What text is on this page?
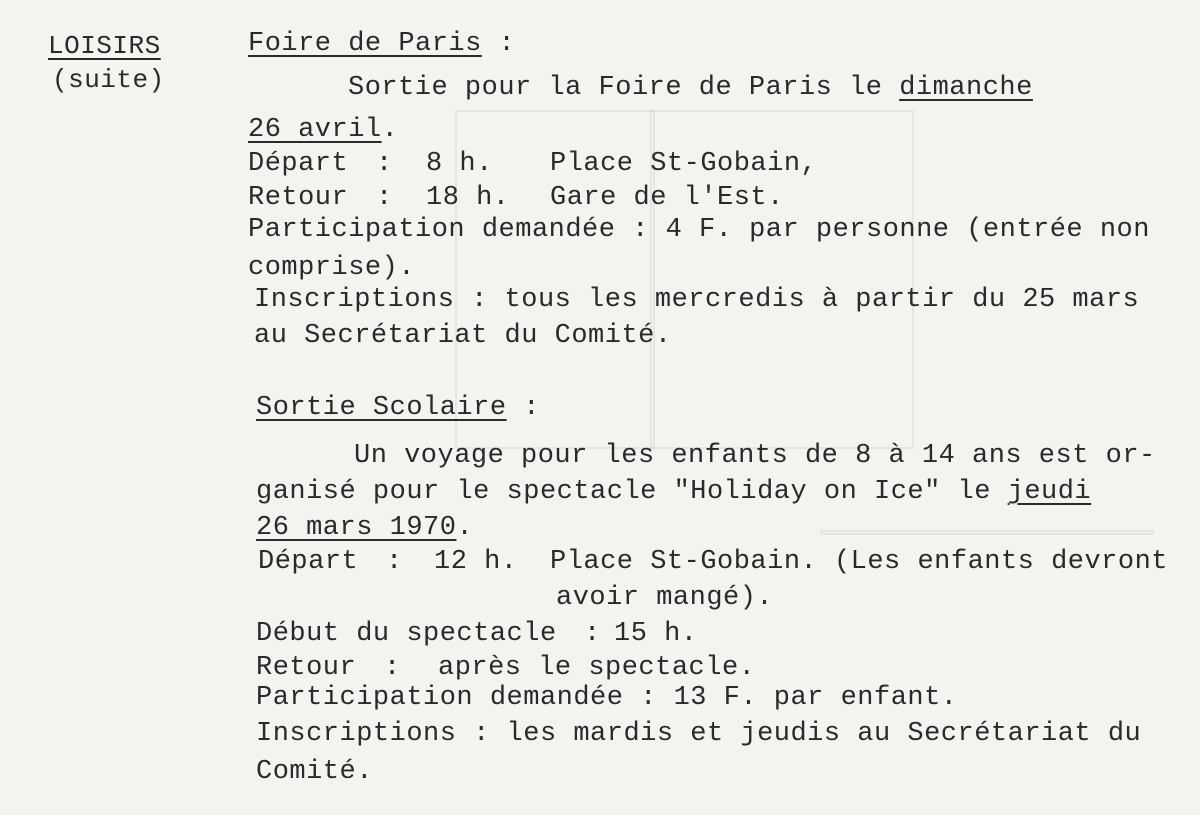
LOISIRS
(suite)
Foire de Paris :
Sortie pour la Foire de Paris le dimanche
26 avril.
Départ : 8 h. Place St-Gobain,
Retour : 18 h. Gare de l'Est.
Participation demandée : 4 F. par personne (entrée non
comprise).
Inscriptions : tous les mercredis à partir du 25 mars
au Secrétariat du Comité.
Sortie Scolaire :
Un voyage pour les enfants de 8 à 14 ans est or-
ganisé pour le spectacle "Holiday on Ice" le jeudi
26 mars 1970.
Départ : 12 h. Place St-Gobain. (Les enfants devront
avoir mangé).
Début du spectacle : 15 h.
Retour : après le spectacle.
Participation demandée : 13 F. par enfant.
Inscriptions : les mardis et jeudis au Secrétariat du
Comité.
